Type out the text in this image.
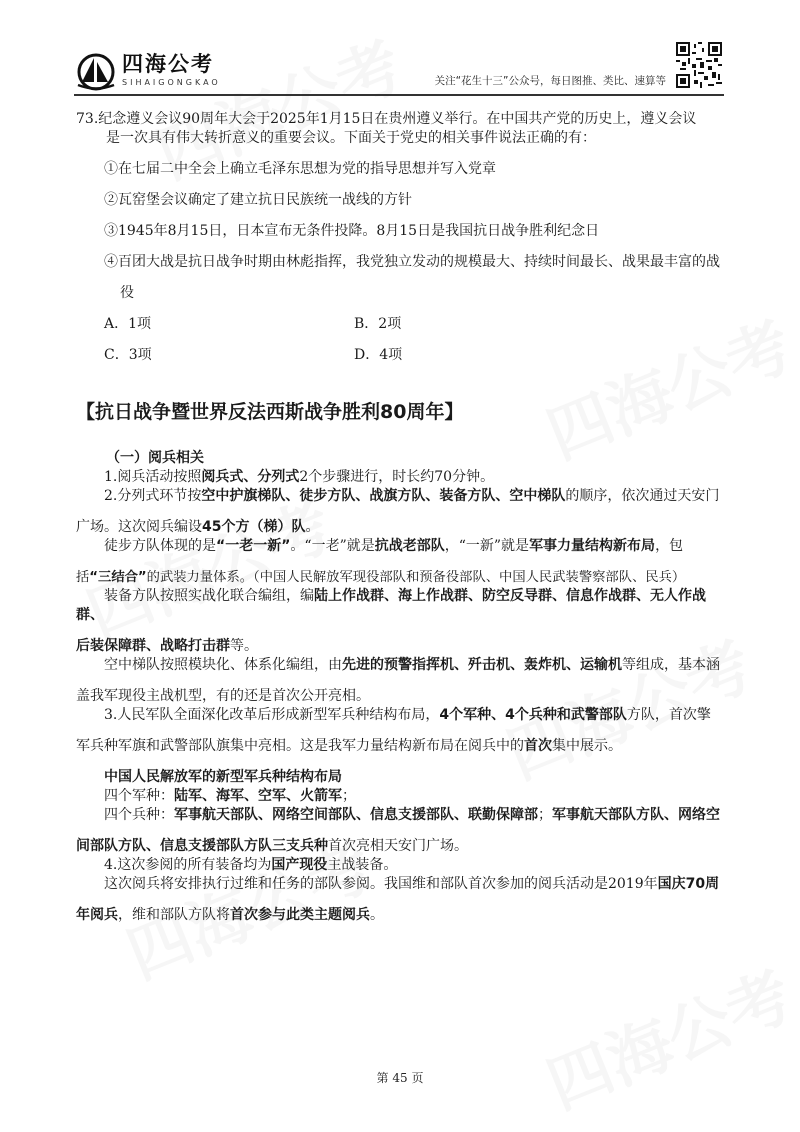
四海公考
SIHAIGONGKAO	关注“花生十三”公众号，每日图推、类比、速算等

73.纪念遵义会议90周年大会于2025年1月15日在贵州遵义举行。在中国共产党的历史上，遵义会议
是一次具有伟大转折意义的重要会议。下面关于党史的相关事件说法正确的有：

①在七届二中全会上确立毛泽东思想为党的指导思想并写入党章

②瓦窑堡会议确定了建立抗日民族统一战线的方针

③1945年8月15日，日本宣布无条件投降。8月15日是我国抗日战争胜利纪念日

④百团大战是抗日战争时期由林彪指挥，我党独立发动的规模最大、持续时间最长、战果最丰富的战

役

A．1项	B．2项
C．3项	D．4项
【抗日战争暨世界反法西斯战争胜利80周年】

（一）阅兵相关

1.阅兵活动按照阅兵式、分列式2个步骤进行，时长约70分钟。

2.分列式环节按空中护旗梯队、徒步方队、战旗方队、装备方队、空中梯队的顺序，依次通过天安门

广场。这次阅兵编设45个方（梯）队。

徒步方队体现的是“一老一新”。“一老”就是抗战老部队，“一新”就是军事力量结构新布局，包

括“三结合”的武装力量体系。（中国人民解放军现役部队和预备役部队、中国人民武装警察部队、民兵）

装备方队按照实战化联合编组，编陆上作战群、海上作战群、防空反导群、信息作战群、无人作战群、

后装保障群、战略打击群等。

空中梯队按照模块化、体系化编组，由先进的预警指挥机、歼击机、轰炸机、运输机等组成，基本涵

盖我军现役主战机型，有的还是首次公开亮相。

3.人民军队全面深化改革后形成新型军兵种结构布局，4个军种、4个兵种和武警部队方队，首次擎

军兵种军旗和武警部队旗集中亮相。这是我军力量结构新布局在阅兵中的首次集中展示。

中国人民解放军的新型军兵种结构布局

四个军种：陆军、海军、空军、火箭军；

四个兵种：军事航天部队、网络空间部队、信息支援部队、联勤保障部；军事航天部队方队、网络空

间部队方队、信息支援部队方队三支兵种首次亮相天安门广场。

4.这次参阅的所有装备均为国产现役主战装备。

这次阅兵将安排执行过维和任务的部队参阅。我国维和部队首次参加的阅兵活动是2019年国庆70周

年阅兵，维和部队方队将首次参与此类主题阅兵。

第 45 页
